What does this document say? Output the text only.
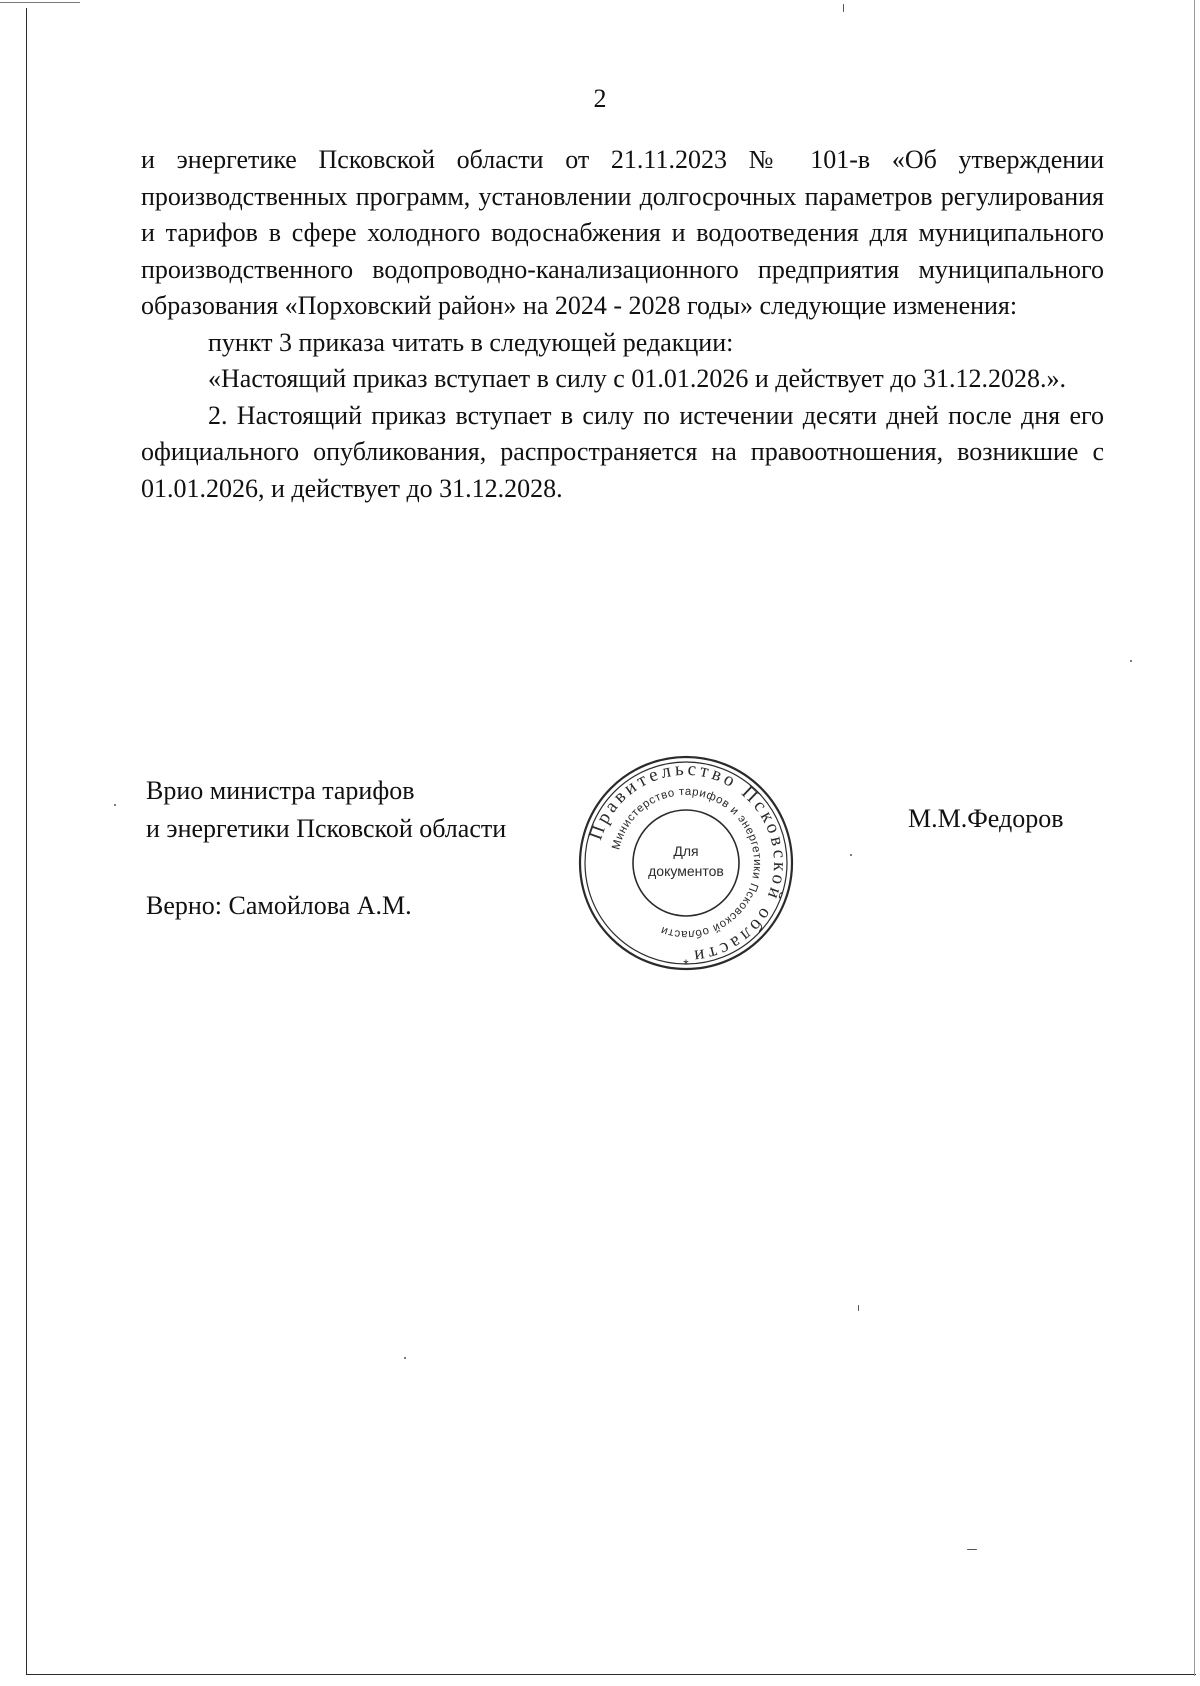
2

и энергетике Псковской области от 21.11.2023 № 101-в «Об утверждении производственных программ, установлении долгосрочных параметров регулирования и тарифов в сфере холодного водоснабжения и водоотведения для муниципального производственного водопроводно-канализационного предприятия муниципального образования «Порховский район» на 2024 - 2028 годы» следующие изменения:

пункт 3 приказа читать в следующей редакции:

«Настоящий приказ вступает в силу с 01.01.2026 и действует до 31.12.2028.».

2. Настоящий приказ вступает в силу по истечении десяти дней после дня его официального опубликования, распространяется на правоотношения, возникшие с 01.01.2026, и действует до 31.12.2028.

Врио министра тарифов
и энергетики Псковской области	М.М.Федоров
Верно: Самойлова А.М.
Правительство Псковской области
Министерство тарифов и энергетики Псковской области
Для
документов
*
